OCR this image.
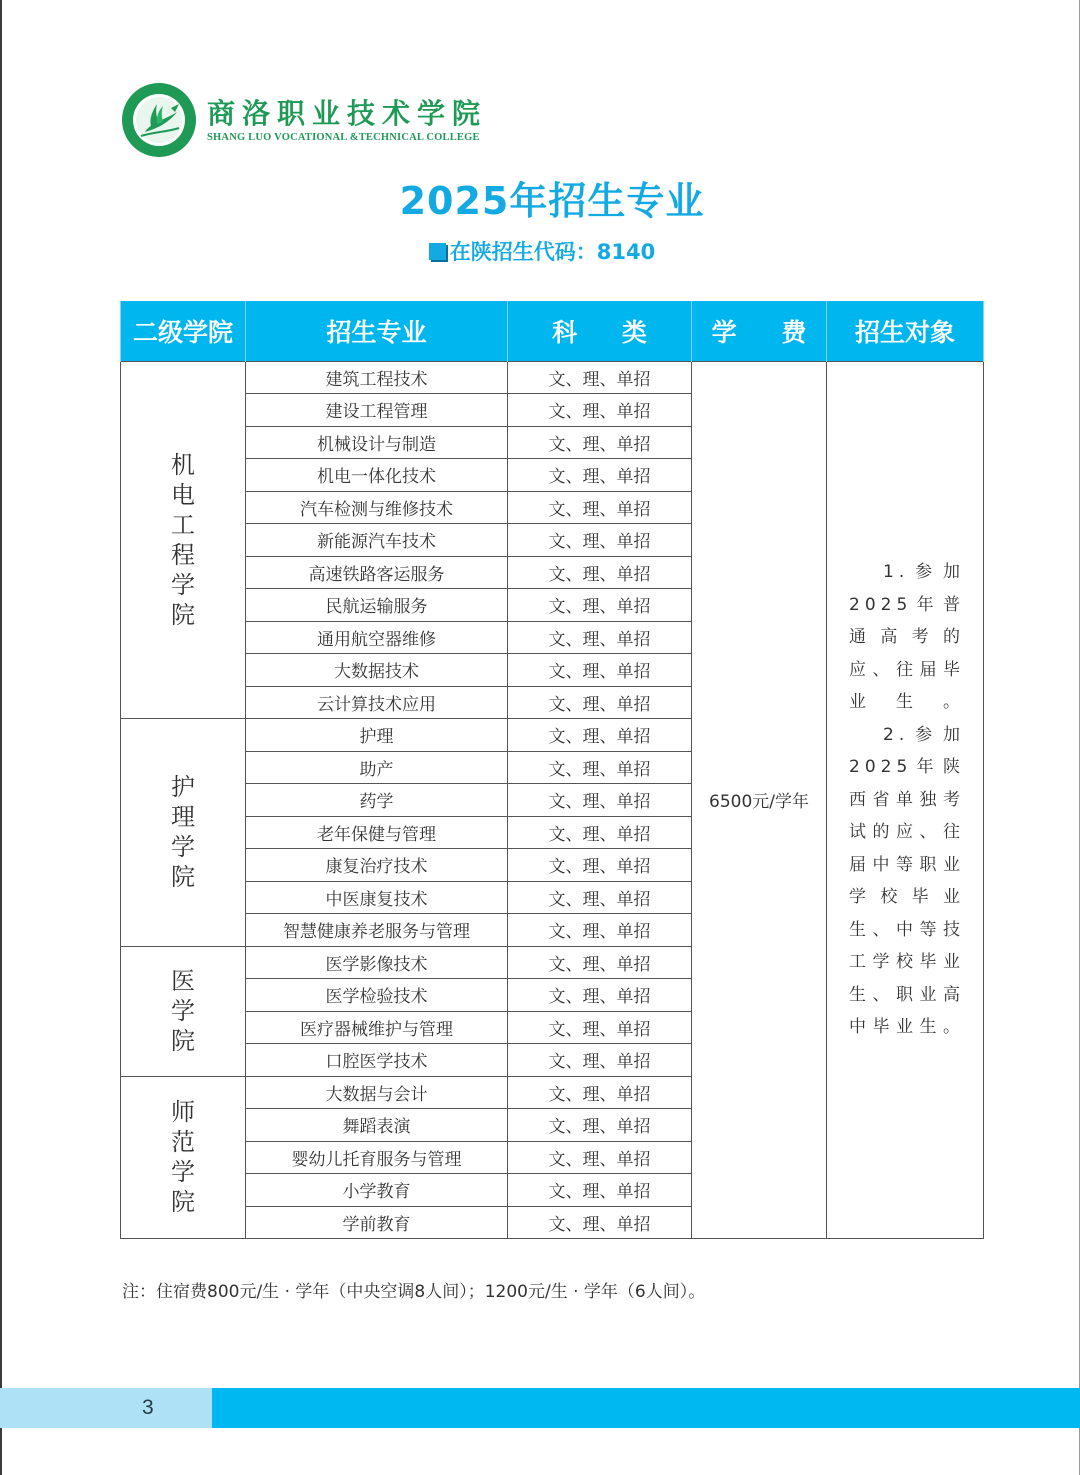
商洛职业技术学院
SHANG LUO VOCATIONAL &TECHNICAL COLLEGE
2025年招生专业
在陕招生代码：8140
二级学院	招生专业	科 类	学 费	招生对象
机电工程学院	建筑工程技术	文、理、单招	6500元/学年	1.参加2025年普通高考的应、往届毕业生。
2.参加2025年陕西省单独考试的应、往届中等职业学校毕业生、中等技工学校毕业生、职业高中毕业生。

	建设工程管理	文、理、单招		
	机械设计与制造	文、理、单招		
	机电一体化技术	文、理、单招		
	汽车检测与维修技术	文、理、单招		
	新能源汽车技术	文、理、单招		
	高速铁路客运服务	文、理、单招		
	民航运输服务	文、理、单招		
	通用航空器维修	文、理、单招		
	大数据技术	文、理、单招		
	云计算技术应用	文、理、单招		
护理学院	护理	文、理、单招		
	助产	文、理、单招		
	药学	文、理、单招		
	老年保健与管理	文、理、单招		
	康复治疗技术	文、理、单招		
	中医康复技术	文、理、单招		
	智慧健康养老服务与管理	文、理、单招		
医学院	医学影像技术	文、理、单招		
	医学检验技术	文、理、单招		
	医疗器械维护与管理	文、理、单招		
	口腔医学技术	文、理、单招		
师范学院	大数据与会计	文、理、单招		
	舞蹈表演	文、理、单招		
	婴幼儿托育服务与管理	文、理、单招		
	小学教育	文、理、单招		
	学前教育	文、理、单招		
注：住宿费800元/生 · 学年（中央空调8人间）；1200元/生 · 学年（6人间）。
3
